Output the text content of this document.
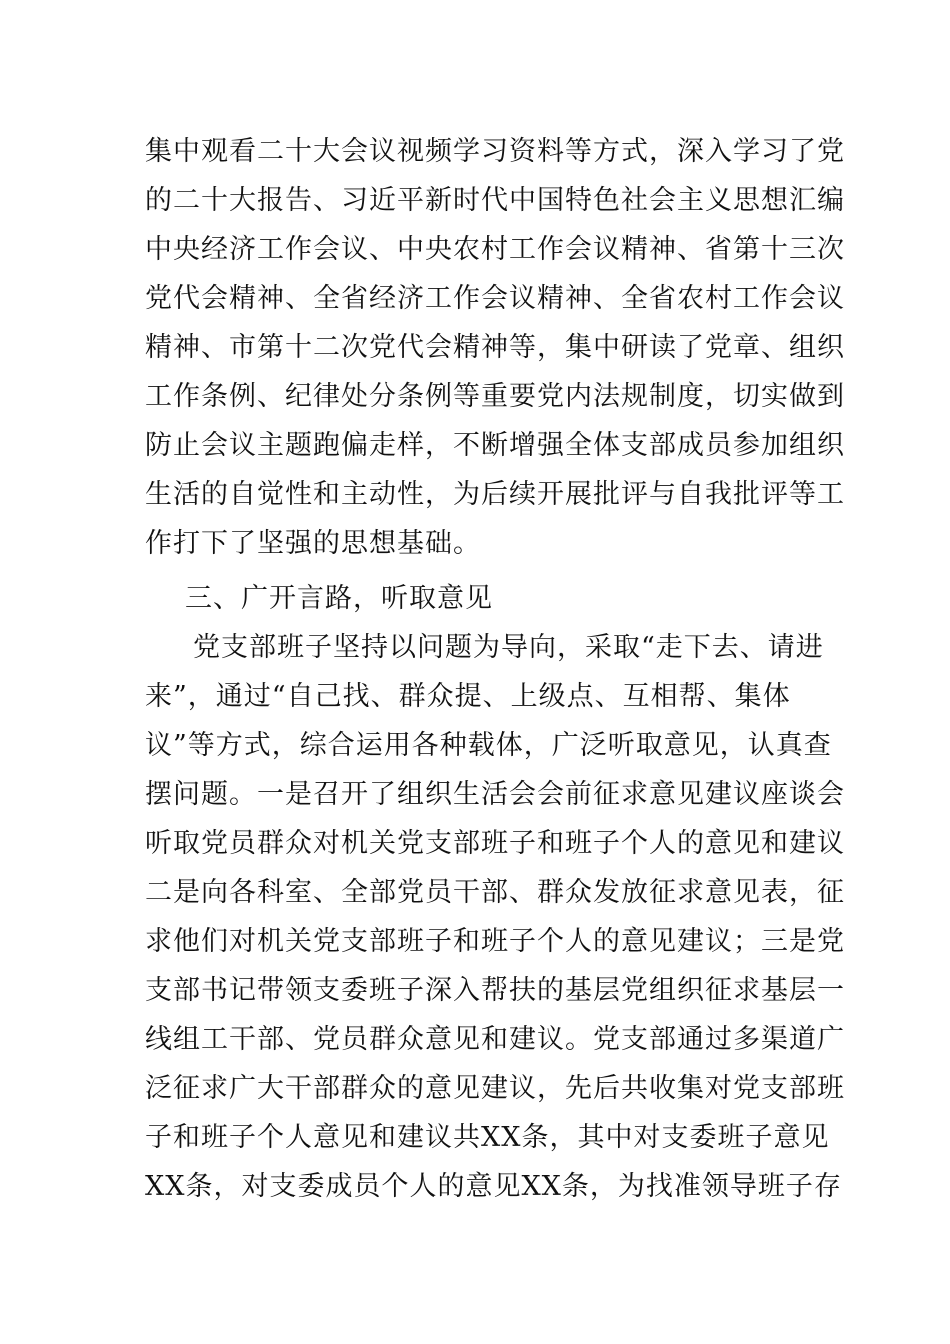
集中观看二十大会议视频学习资料等方式，深入学习了党
的二十大报告、习近平新时代中国特色社会主义思想汇编
中央经济工作会议、中央农村工作会议精神、省第十三次
党代会精神、全省经济工作会议精神、全省农村工作会议
精神、市第十二次党代会精神等，集中研读了党章、组织
工作条例、纪律处分条例等重要党内法规制度，切实做到
防止会议主题跑偏走样，不断增强全体支部成员参加组织
生活的自觉性和主动性，为后续开展批评与自我批评等工
作打下了坚强的思想基础。
三、广开言路，听取意见
党支部班子坚持以问题为导向，采取“走下去、请进
来”，通过“自己找、群众提、上级点、互相帮、集体
议”等方式，综合运用各种载体，广泛听取意见，认真查
摆问题。一是召开了组织生活会会前征求意见建议座谈会
听取党员群众对机关党支部班子和班子个人的意见和建议
二是向各科室、全部党员干部、群众发放征求意见表，征
求他们对机关党支部班子和班子个人的意见建议；三是党
支部书记带领支委班子深入帮扶的基层党组织征求基层一
线组工干部、党员群众意见和建议。党支部通过多渠道广
泛征求广大干部群众的意见建议，先后共收集对党支部班
子和班子个人意见和建议共XX条，其中对支委班子意见
XX条，对支委成员个人的意见XX条，为找准领导班子存
